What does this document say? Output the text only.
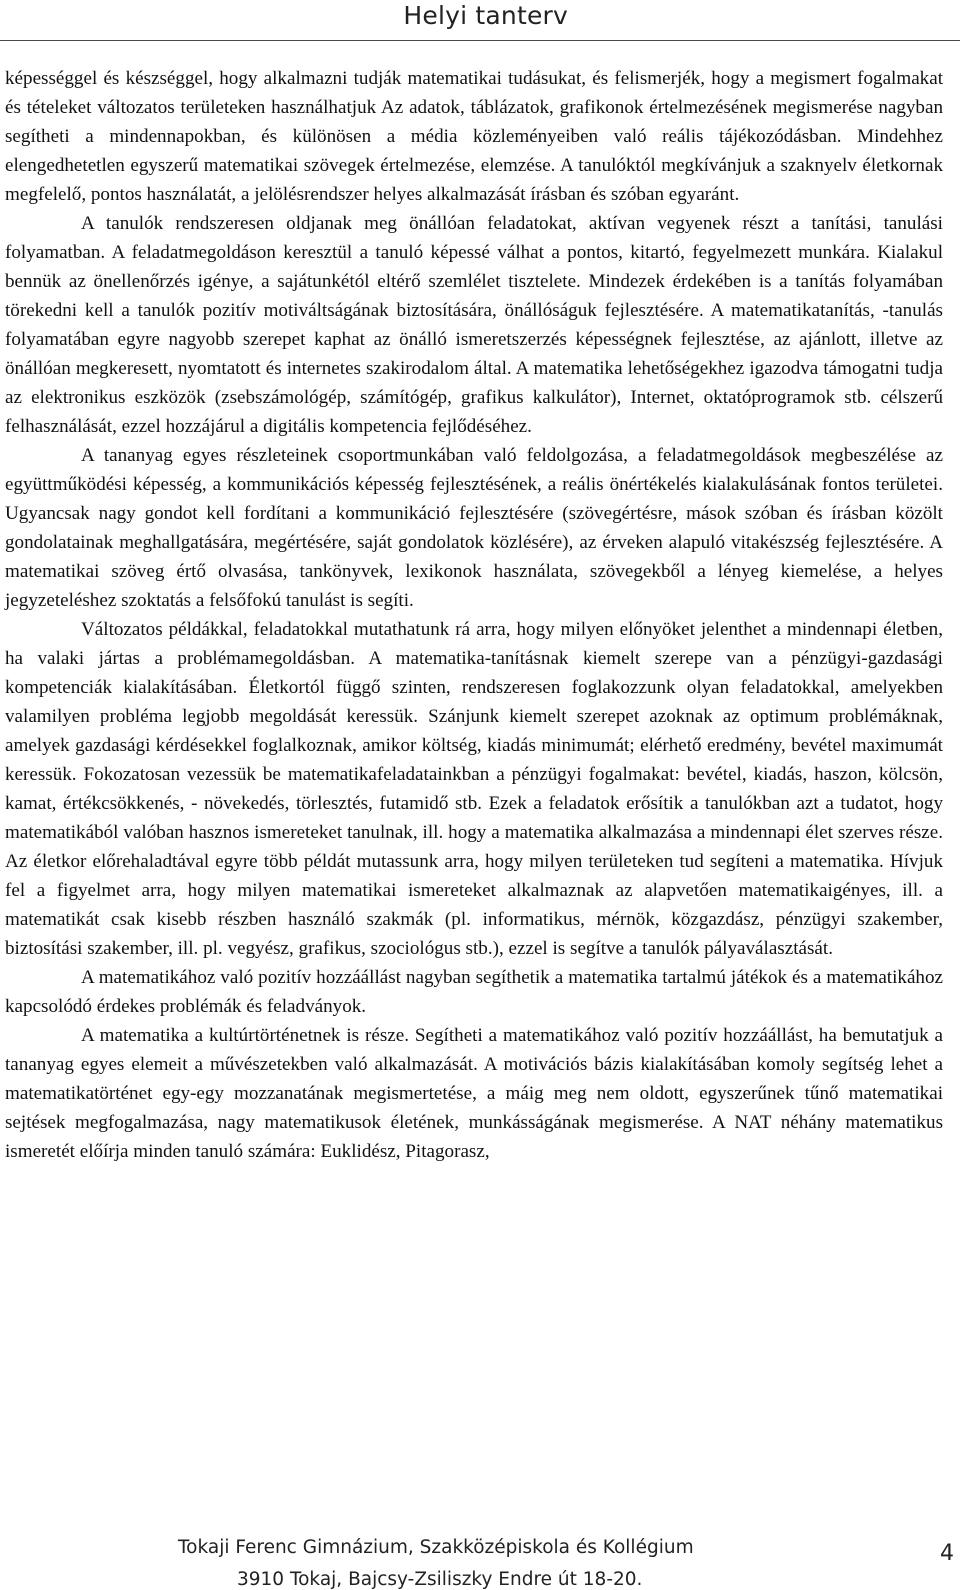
Helyi tanterv

képességgel és készséggel, hogy alkalmazni tudják matematikai tudásukat, és felismerjék, hogy a megismert fogalmakat és tételeket változatos területeken használhatjuk Az adatok, táblázatok, grafikonok értelmezésének megismerése nagyban segítheti a mindennapokban, és különösen a média közleményeiben való reális tájékozódásban. Mindehhez elengedhetetlen egyszerű matematikai szövegek értelmezése, elemzése. A tanulóktól megkívánjuk a szaknyelv életkornak megfelelő, pontos használatát, a jelölésrendszer helyes alkalmazását írásban és szóban egyaránt.

A tanulók rendszeresen oldjanak meg önállóan feladatokat, aktívan vegyenek részt a tanítási, tanulási folyamatban. A feladatmegoldáson keresztül a tanuló képessé válhat a pontos, kitartó, fegyelmezett munkára. Kialakul bennük az önellenőrzés igénye, a sajátunkétól eltérő szemlélet tisztelete. Mindezek érdekében is a tanítás folyamában törekedni kell a tanulók pozitív motiváltságának biztosítására, önállóságuk fejlesztésére. A matematikatanítás, -tanulás folyamatában egyre nagyobb szerepet kaphat az önálló ismeretszerzés képességnek fejlesztése, az ajánlott, illetve az önállóan megkeresett, nyomtatott és internetes szakirodalom által. A matematika lehetőségekhez igazodva támogatni tudja az elektronikus eszközök (zsebszámológép, számítógép, grafikus kalkulátor), Internet, oktatóprogramok stb. célszerű felhasználását, ezzel hozzájárul a digitális kompetencia fejlődéséhez.

A tananyag egyes részleteinek csoportmunkában való feldolgozása, a feladatmegoldások megbeszélése az együttműködési képesség, a kommunikációs képesség fejlesztésének, a reális önértékelés kialakulásának fontos területei. Ugyancsak nagy gondot kell fordítani a kommunikáció fejlesztésére (szövegértésre, mások szóban és írásban közölt gondolatainak meghallgatására, megértésére, saját gondolatok közlésére), az érveken alapuló vitakészség fejlesztésére. A matematikai szöveg értő olvasása, tankönyvek, lexikonok használata, szövegekből a lényeg kiemelése, a helyes jegyzeteléshez szoktatás a felsőfokú tanulást is segíti.

Változatos példákkal, feladatokkal mutathatunk rá arra, hogy milyen előnyöket jelenthet a mindennapi életben, ha valaki jártas a problémamegoldásban. A matematika-tanításnak kiemelt szerepe van a pénzügyi-gazdasági kompetenciák kialakításában. Életkortól függő szinten, rendszeresen foglakozzunk olyan feladatokkal, amelyekben valamilyen probléma legjobb megoldását keressük. Szánjunk kiemelt szerepet azoknak az optimum problémáknak, amelyek gazdasági kérdésekkel foglalkoznak, amikor költség, kiadás minimumát; elérhető eredmény, bevétel maximumát keressük. Fokozatosan vezessük be matematikafeladatainkban a pénzügyi fogalmakat: bevétel, kiadás, haszon, kölcsön, kamat, értékcsökkenés, - növekedés, törlesztés, futamidő stb. Ezek a feladatok erősítik a tanulókban azt a tudatot, hogy matematikából valóban hasznos ismereteket tanulnak, ill. hogy a matematika alkalmazása a mindennapi élet szerves része. Az életkor előrehaladtával egyre több példát mutassunk arra, hogy milyen területeken tud segíteni a matematika. Hívjuk fel a figyelmet arra, hogy milyen matematikai ismereteket alkalmaznak az alapvetően matematikaigényes, ill. a matematikát csak kisebb részben használó szakmák (pl. informatikus, mérnök, közgazdász, pénzügyi szakember, biztosítási szakember, ill. pl. vegyész, grafikus, szociológus stb.), ezzel is segítve a tanulók pályaválasztását.

A matematikához való pozitív hozzáállást nagyban segíthetik a matematika tartalmú játékok és a matematikához kapcsolódó érdekes problémák és feladványok.

A matematika a kultúrtörténetnek is része. Segítheti a matematikához való pozitív hozzáállást, ha bemutatjuk a tananyag egyes elemeit a művészetekben való alkalmazását. A motivációs bázis kialakításában komoly segítség lehet a matematikatörténet egy-egy mozzanatának megismertetése, a máig meg nem oldott, egyszerűnek tűnő matematikai sejtések megfogalmazása, nagy matematikusok életének, munkásságának megismerése. A NAT néhány matematikus ismeretét előírja minden tanuló számára: Euklidész, Pitagorasz,

Tokaji Ferenc Gimnázium, Szakközépiskola és Kollégium
3910 Tokaj, Bajcsy-Zsiliszky Endre út 18-20.
4
